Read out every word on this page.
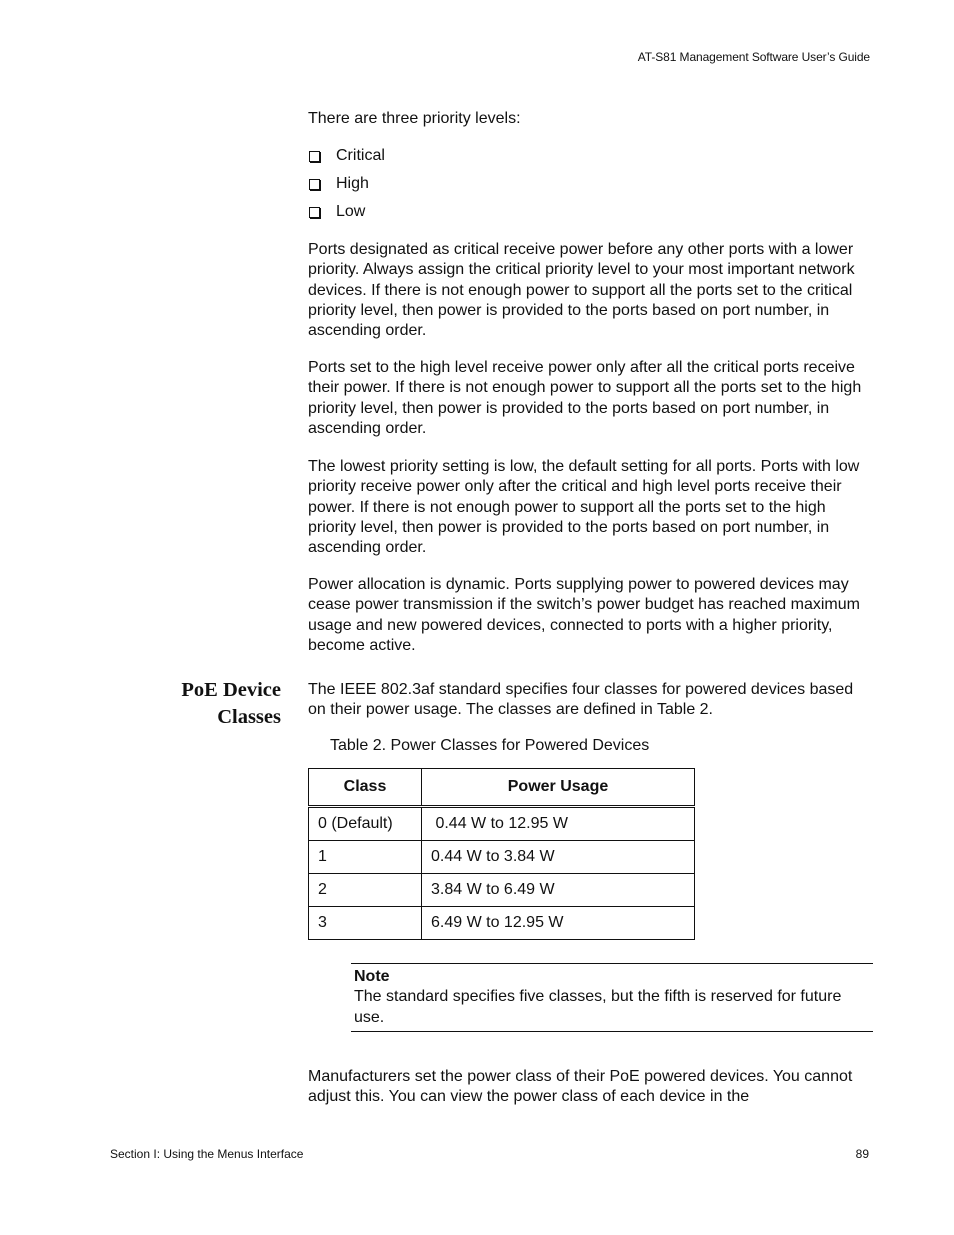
AT-S81 Management Software User’s Guide

There are three priority levels:

Critical
High
Low

Ports designated as critical receive power before any other ports with a lower priority. Always assign the critical priority level to your most important network devices. If there is not enough power to support all the ports set to the critical priority level, then power is provided to the ports based on port number, in ascending order.

Ports set to the high level receive power only after all the critical ports receive their power. If there is not enough power to support all the ports set to the high priority level, then power is provided to the ports based on port number, in ascending order.

The lowest priority setting is low, the default setting for all ports. Ports with low priority receive power only after the critical and high level ports receive their power. If there is not enough power to support all the ports set to the high priority level, then power is provided to the ports based on port number, in ascending order.

Power allocation is dynamic. Ports supplying power to powered devices may cease power transmission if the switch’s power budget has reached maximum usage and new powered devices, connected to ports with a higher priority, become active.

PoE Device
Classes

The IEEE 802.3af standard specifies four classes for powered devices based on their power usage. The classes are defined in Table 2.

Table 2. Power Classes for Powered Devices
Class	Power Usage
0 (Default)	0.44 W to 12.95 W
1	0.44 W to 3.84 W
2	3.84 W to 6.49 W
3	6.49 W to 12.95 W
Note
The standard specifies five classes, but the fifth is reserved for future use.

Manufacturers set the power class of their PoE powered devices. You cannot adjust this. You can view the power class of each device in the

Section I: Using the Menus Interface	89
